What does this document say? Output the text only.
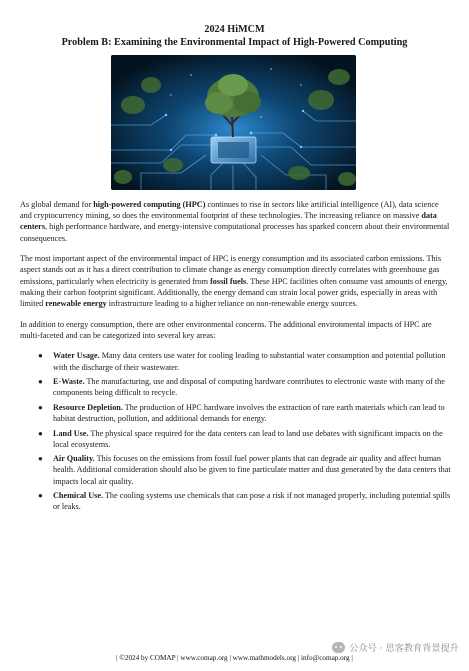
2024 HiMCM
Problem B: Examining the Environmental Impact of High-Powered Computing

As global demand for high-powered computing (HPC) continues to rise in sectors like artificial intelligence (AI), data science and cryptocurrency mining, so does the environmental footprint of these technologies. The increasing reliance on massive data centers, high performance hardware, and energy-intensive computational processes has sparked concern about their environmental consequences.

The most important aspect of the environmental impact of HPC is energy consumption and its associated carbon emissions. This aspect stands out as it has a direct contribution to climate change as energy consumption directly correlates with greenhouse gas emissions, particularly when electricity is generated from fossil fuels. These HPC facilities often consume vast amounts of energy, making their carbon footprint significant. Additionally, the energy demand can strain local power grids, especially in areas with limited renewable energy infrastructure leading to a higher reliance on non-renewable energy sources.

In addition to energy consumption, there are other environmental concerns. The additional environmental impacts of HPC are multi-faceted and can be categorized into several key areas:

● Water Usage. Many data centers use water for cooling leading to substantial water consumption and potential pollution with the discharge of their wastewater.
● E-Waste. The manufacturing, use and disposal of computing hardware contributes to electronic waste with many of the components being difficult to recycle.
● Resource Depletion. The production of HPC hardware involves the extraction of rare earth materials which can lead to habitat destruction, pollution, and additional demands for energy.
● Land Use. The physical space required for the data centers can lead to land use debates with significant impacts on the local ecosystems.
● Air Quality. This focuses on the emissions from fossil fuel power plants that can degrade air quality and affect human health. Additional consideration should also be given to fine particulate matter and dust generated by the data centers that impacts local air quality.
● Chemical Use. The cooling systems use chemicals that can pose a risk if not managed properly, including potential spills or leaks.
公众号 · 思客教育背景提升
| ©2024 by COMAP | www.comap.org | www.mathmodels.org | info@comap.org |
